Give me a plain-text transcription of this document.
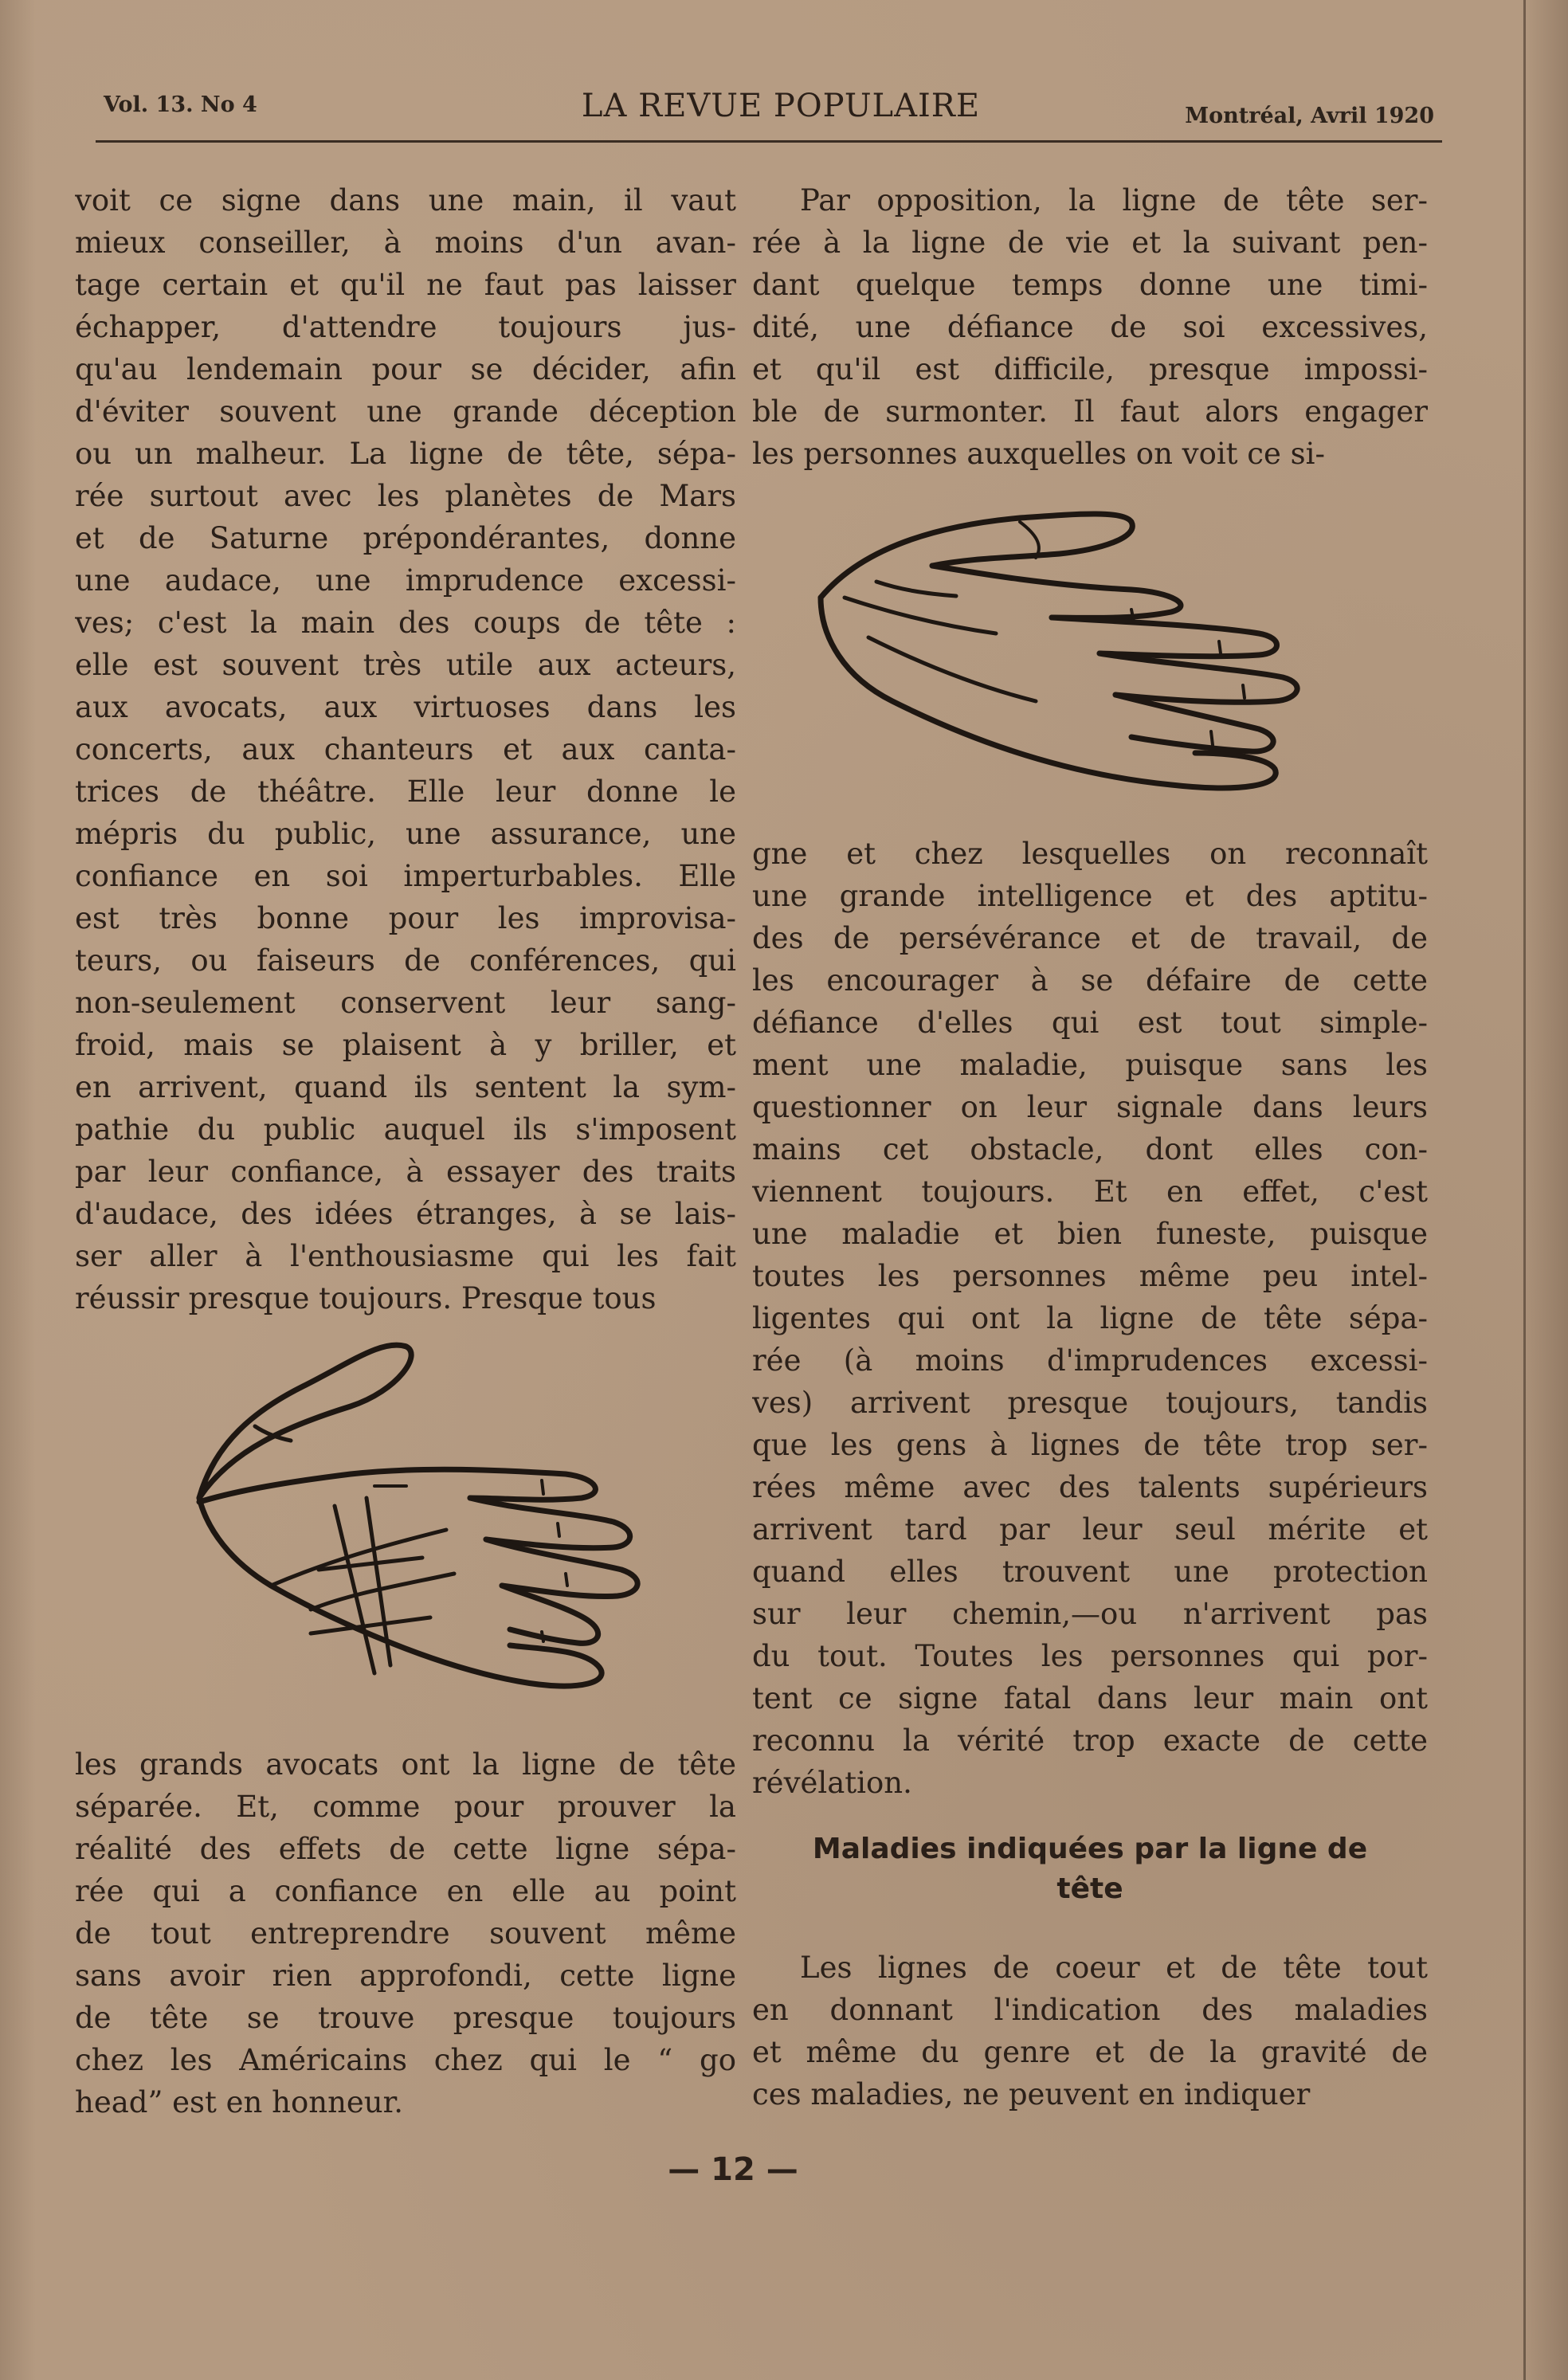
Vol. 13. No 4	LA REVUE POPULAIRE	Montréal, Avril 1920
voit ce signe dans une main, il vaut
mieux conseiller, à moins d'un avan-
tage certain et qu'il ne faut pas laisser
échapper, d'attendre toujours jus-
qu'au lendemain pour se décider, afin
d'éviter souvent une grande déception
ou un malheur. La ligne de tête, sépa-
rée surtout avec les planètes de Mars
et de Saturne prépondérantes, donne
une audace, une imprudence excessi-
ves; c'est la main des coups de tête :
elle est souvent très utile aux acteurs,
aux avocats, aux virtuoses dans les
concerts, aux chanteurs et aux canta-
trices de théâtre. Elle leur donne le
mépris du public, une assurance, une
confiance en soi imperturbables. Elle
est très bonne pour les improvisa-
teurs, ou faiseurs de conférences, qui
non-seulement conservent leur sang-
froid, mais se plaisent à y briller, et
en arrivent, quand ils sentent la sym-
pathie du public auquel ils s'imposent
par leur confiance, à essayer des traits
d'audace, des idées étranges, à se lais-
ser aller à l'enthousiasme qui les fait
réussir presque toujours. Presque tous
les grands avocats ont la ligne de tête
séparée. Et, comme pour prouver la
réalité des effets de cette ligne sépa-
rée qui a confiance en elle au point
de tout entreprendre souvent même
sans avoir rien approfondi, cette ligne
de tête se trouve presque toujours
chez les Américains chez qui le “ go
head” est en honneur.
Par opposition, la ligne de tête ser-
rée à la ligne de vie et la suivant pen-
dant quelque temps donne une timi-
dité, une défiance de soi excessives,
et qu'il est difficile, presque impossi-
ble de surmonter. Il faut alors engager
les personnes auxquelles on voit ce si-
gne et chez lesquelles on reconnaît
une grande intelligence et des aptitu-
des de persévérance et de travail, de
les encourager à se défaire de cette
défiance d'elles qui est tout simple-
ment une maladie, puisque sans les
questionner on leur signale dans leurs
mains cet obstacle, dont elles con-
viennent toujours. Et en effet, c'est
une maladie et bien funeste, puisque
toutes les personnes même peu intel-
ligentes qui ont la ligne de tête sépa-
rée (à moins d'imprudences excessi-
ves) arrivent presque toujours, tandis
que les gens à lignes de tête trop ser-
rées même avec des talents supérieurs
arrivent tard par leur seul mérite et
quand elles trouvent une protection
sur leur chemin,—ou n'arrivent pas
du tout. Toutes les personnes qui por-
tent ce signe fatal dans leur main ont
reconnu la vérité trop exacte de cette
révélation.
Maladies indiquées par la ligne de
tête
Les lignes de coeur et de tête tout
en donnant l'indication des maladies
et même du genre et de la gravité de
ces maladies, ne peuvent en indiquer
— 12 —
